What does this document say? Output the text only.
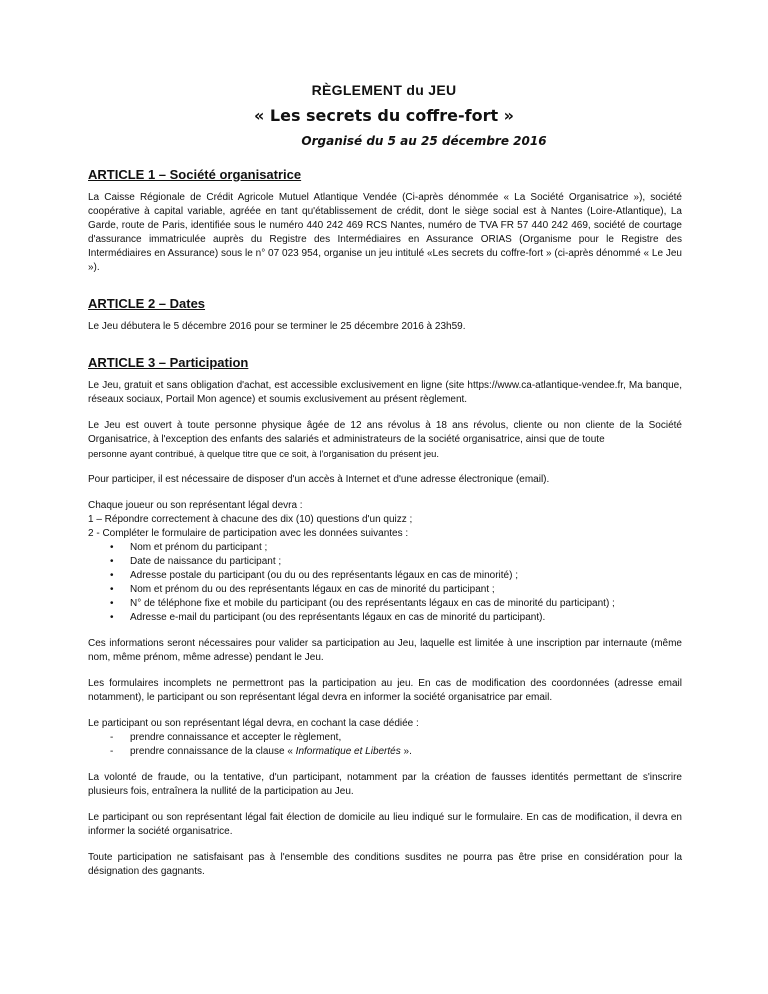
RÈGLEMENT du JEU
« Les secrets du coffre-fort »
Organisé du 5 au 25 décembre 2016
ARTICLE 1 – Société organisatrice

La Caisse Régionale de Crédit Agricole Mutuel Atlantique Vendée (Ci-après dénommée « La Société Organisatrice »), société coopérative à capital variable, agréée en tant qu'établissement de crédit, dont le siège social est à Nantes (Loire-Atlantique), La Garde, route de Paris, identifiée sous le numéro 440 242 469 RCS Nantes, numéro de TVA FR 57 440 242 469, société de courtage d'assurance immatriculée auprès du Registre des Intermédiaires en Assurance ORIAS (Organisme pour le Registre des Intermédiaires en Assurance) sous le n° 07 023 954, organise un jeu intitulé «Les secrets du coffre-fort » (ci-après dénommé « Le Jeu »).

ARTICLE 2 – Dates

Le Jeu débutera le 5 décembre 2016 pour se terminer le 25 décembre 2016 à 23h59.

ARTICLE 3 – Participation

Le Jeu, gratuit et sans obligation d'achat, est accessible exclusivement en ligne (site https://www.ca-atlantique-vendee.fr, Ma banque, réseaux sociaux, Portail Mon agence) et soumis exclusivement au présent règlement.

Le Jeu est ouvert à toute personne physique âgée de 12 ans révolus à 18 ans révolus, cliente ou non cliente de la Société Organisatrice, à l'exception des enfants des salariés et administrateurs de la société organisatrice, ainsi que de toute
personne ayant contribué, à quelque titre que ce soit, à l'organisation du présent jeu.

Pour participer, il est nécessaire de disposer d'un accès à Internet et d'une adresse électronique (email).

Chaque joueur ou son représentant légal devra :
1 – Répondre correctement à chacune des dix (10) questions d'un quizz ;
2 - Compléter le formulaire de participation avec les données suivantes :

• Nom et prénom du participant ;
• Date de naissance du participant ;
• Adresse postale du participant (ou du ou des représentants légaux en cas de minorité) ;
• Nom et prénom du ou des représentants légaux en cas de minorité du participant ;
• N° de téléphone fixe et mobile du participant (ou des représentants légaux en cas de minorité du participant) ;
• Adresse e-mail du participant (ou des représentants légaux en cas de minorité du participant).

Ces informations seront nécessaires pour valider sa participation au Jeu, laquelle est limitée à une inscription par internaute (même nom, même prénom, même adresse) pendant le Jeu.

Les formulaires incomplets ne permettront pas la participation au jeu. En cas de modification des coordonnées (adresse email notamment), le participant ou son représentant légal devra en informer la société organisatrice par email.

Le participant ou son représentant légal devra, en cochant la case dédiée :

- prendre connaissance et accepter le règlement,
- prendre connaissance de la clause « Informatique et Libertés ».

La volonté de fraude, ou la tentative, d'un participant, notamment par la création de fausses identités permettant de s'inscrire plusieurs fois, entraînera la nullité de la participation au Jeu.

Le participant ou son représentant légal fait élection de domicile au lieu indiqué sur le formulaire. En cas de modification, il devra en informer la société organisatrice.

Toute participation ne satisfaisant pas à l'ensemble des conditions susdites ne pourra pas être prise en considération pour la désignation des gagnants.
